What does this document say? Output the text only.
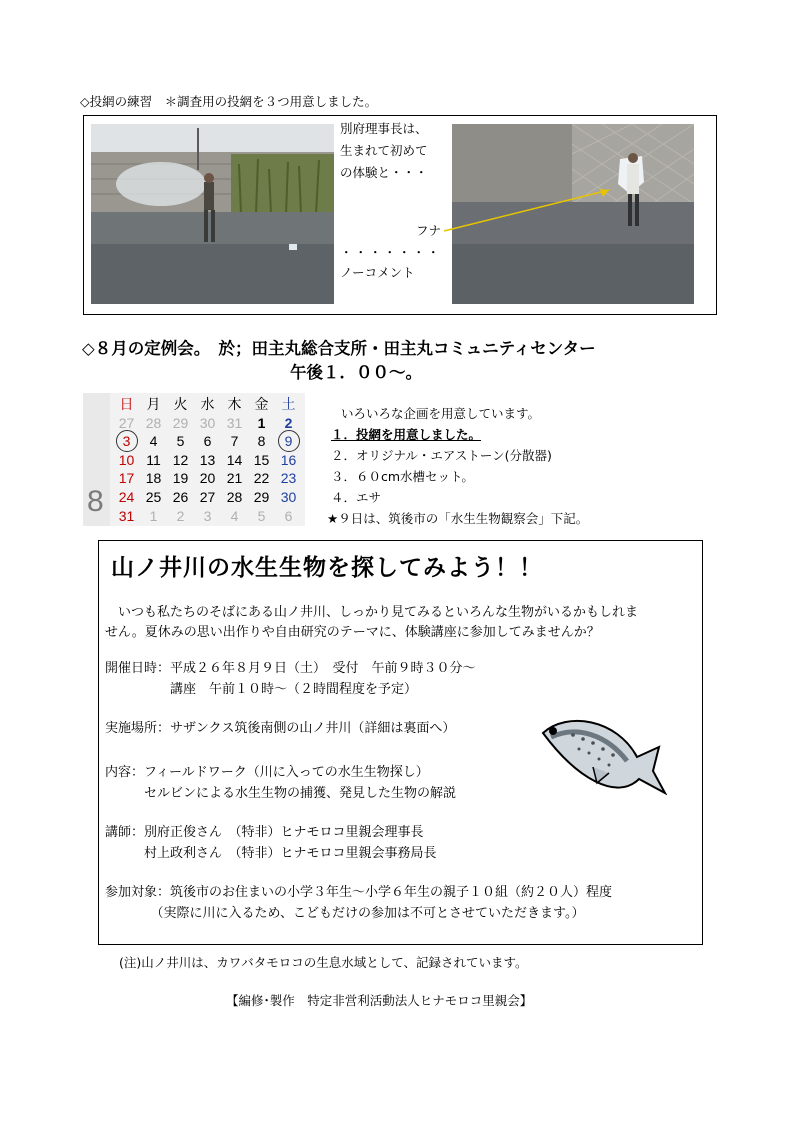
◇投網の練習　＊調査用の投網を３つ用意しました。
別府理事長は、
生まれて初めて
の体験と・・・
フナ
・・・・・・・
ノーコメント
◇８月の定例会。　於；田主丸総合支所・田主丸コミュニティセンター
午後１．００～。
8
日 月 火 水 木 金 土
27 28 29 30 31	1	2
3	4	5	6	7	8	9
10 11 12 13 14 15 16
17 18 19 20 21 22 23
24 25 26 27 28 29 30
31	1	2	3	4	5	6
いろいろな企画を用意しています。
１．投網を用意しました。
２．オリジナル・エアストーン(分散器)
３．６０cm水槽セット。
４．エサ
★９日は、筑後市の「水生生物観察会」下記。
山ノ井川の水生生物を探してみよう！！
　いつも私たちのそばにある山ノ井川、しっかり見てみるといろんな生物がいるかもしれま
せん。夏休みの思い出作りや自由研究のテーマに、体験講座に参加してみませんか？
開催日時：平成２６年８月９日（土）　受付　午前９時３０分～
　　　　　講座　午前１０時～（２時間程度を予定）
実施場所：サザンクス筑後南側の山ノ井川（詳細は裏面へ）
内容：フィールドワーク（川に入っての水生生物探し）
　　　セルビンによる水生生物の捕獲、発見した生物の解説
講師：別府正俊さん　（特非）ヒナモロコ里親会理事長
　　　村上政利さん　（特非）ヒナモロコ里親会事務局長
参加対象：筑後市のお住まいの小学３年生～小学６年生の親子１０組（約２０人）程度
　　　　（実際に川に入るため、こどもだけの参加は不可とさせていただきます。）
(注)山ノ井川は、カワバタモロコの生息水域として、記録されています。
【編修･製作　特定非営利活動法人ヒナモロコ里親会】
